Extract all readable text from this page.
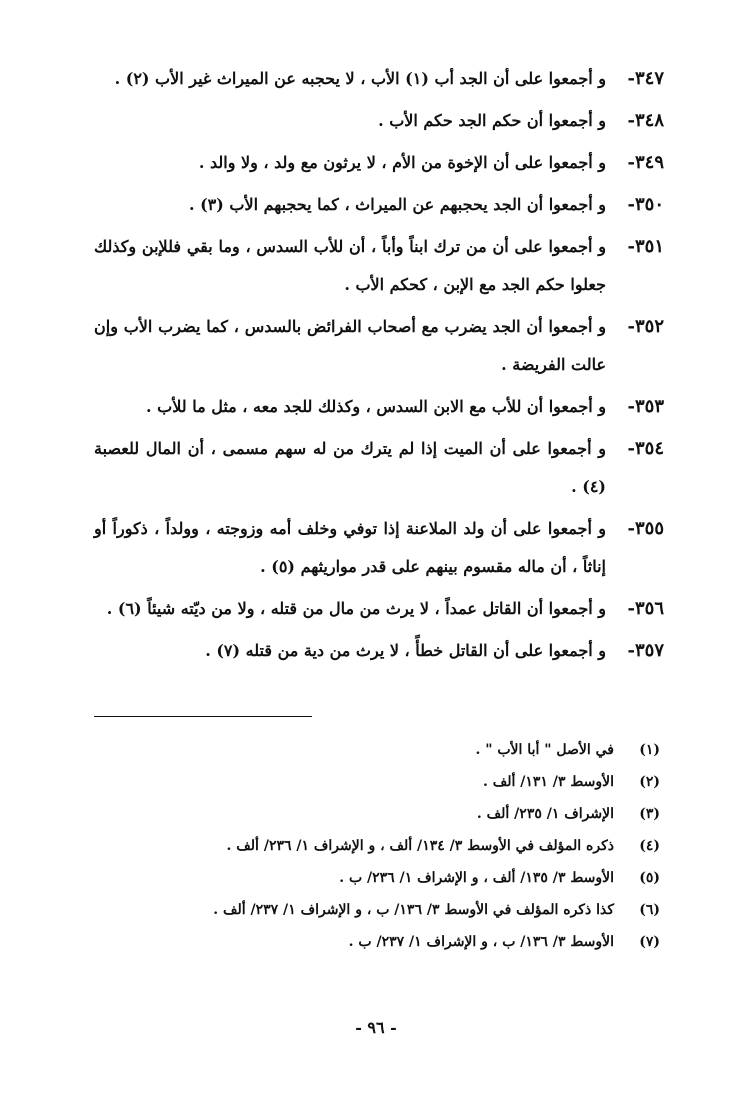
٣٤٧-
و أجمعوا على أن الجد أب (١) الأب ، لا يحجبه عن الميراث غير الأب (٢) .
٣٤٨-
و أجمعوا أن حكم الجد حكم الأب .
٣٤٩-
و أجمعوا على أن الإخوة من الأم ، لا يرثون مع ولد ، ولا والد .
٣٥٠-
و أجمعوا أن الجد يحجبهم عن الميراث ، كما يحجبهم الأب (٣) .
٣٥١-
و أجمعوا على أن من ترك ابناً وأباً ، أن للأب السدس ، وما بقي فللإبن وكذلك جعلوا حكم الجد مع الإبن ، كحكم الأب .
٣٥٢-
و أجمعوا أن الجد يضرب مع أصحاب الفرائض بالسدس ، كما يضرب الأب وإن عالت الفريضة .
٣٥٣-
و أجمعوا أن للأب مع الابن السدس ، وكذلك للجد معه ، مثل ما للأب .
٣٥٤-
و أجمعوا على أن الميت إذا لم يترك من له سهم مسمى ، أن المال للعصبة (٤) .
٣٥٥-
و أجمعوا على أن ولد الملاعنة إذا توفي وخلف أمه وزوجته ، وولداً ، ذكوراً أو إناثاً ، أن ماله مقسوم بينهم على قدر مواريثهم (٥) .
٣٥٦-
و أجمعوا أن القاتل عمداً ، لا يرث من مال من قتله ، ولا من ديّته شيئاً (٦) .
٣٥٧-
و أجمعوا على أن القاتل خطأً ، لا يرث من دية من قتله (٧) .
(١)
في الأصل " أبا الأب " .
(٢)
الأوسط ٣/ ١٣١/ ألف .
(٣)
الإشراف ١/ ٢٣٥/ ألف .
(٤)
ذكره المؤلف في الأوسط ٣/ ١٣٤/ ألف ، و الإشراف ١/ ٢٣٦/ ألف .
(٥)
الأوسط ٣/ ١٣٥/ ألف ، و الإشراف ١/ ٢٣٦/ ب .
(٦)
كذا ذكره المؤلف في الأوسط ٣/ ١٣٦/ ب ، و الإشراف ١/ ٢٣٧/ ألف .
(٧)
الأوسط ٣/ ١٣٦/ ب ، و الإشراف ١/ ٢٣٧/ ب .
- ٩٦ -
